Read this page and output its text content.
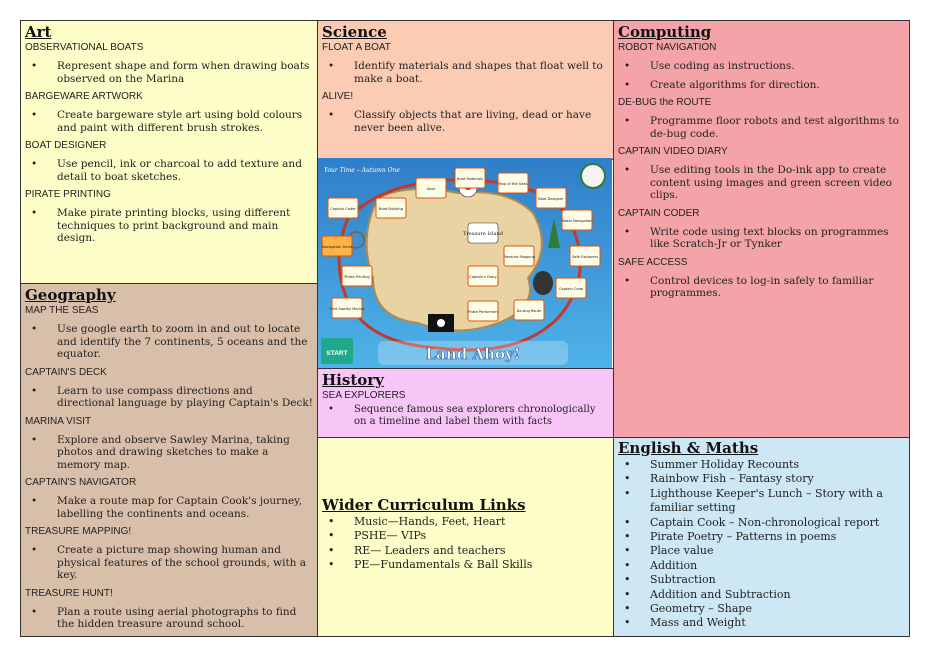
Art

OBSERVATIONAL BOATS

• Represent shape and form when drawing boats observed on the Marina

BARGEWARE ARTWORK

• Create bargeware style art using bold colours and paint with different brush strokes.

BOAT DESIGNER

• Use pencil, ink or charcoal to add texture and detail to boat sketches.

PIRATE PRINTING

• Make pirate printing blocks, using different techniques to print background and main design.

Science

FLOAT A BOAT

• Identify materials and shapes that float well to make a boat.

ALIVE!

• Classify objects that are living, dead or have never been alive.

Computing

ROBOT NAVIGATION

• Use coding as instructions.

• Create algorithms for direction.

DE-BUG the ROUTE

• Programme floor robots and test algorithms to de-bug code.

CAPTAIN VIDEO DIARY

• Use editing tools in the Do-ink app to create content using images and green screen video clips.

CAPTAIN CODER

• Write code using text blocks on programmes like Scratch-Jr or Tynker

SAFE ACCESS

• Control devices to log-in safely to familiar programmes.

Geography

MAP THE SEAS

• Use google earth to zoom in and out to locate and identify the 7 continents, 5 oceans and the equator.

CAPTAIN'S DECK

• Learn to use compass directions and directional language by playing Captain's Deck!

MARINA VISIT

• Explore and observe Sawley Marina, taking photos and drawing sketches to make a memory map.

CAPTAIN'S NAVIGATOR

• Make a route map for Captain Cook's journey, labelling the continents and oceans.

TREASURE MAPPING!

• Create a picture map showing human and physical features of the school grounds, with a key.

TREASURE HUNT!

• Plan a route using aerial photographs to find the hidden treasure around school.

Your Time – Autumn One
Treasure Island
Alive
Boat Materials
Map of the Seas
Boat Designer
Robot Navigation
Safe Explorers
Captain Code
De-bug Route
Pirate Performers
Captain's Diary
Treasure Mapping
Boat Building
Captain Coder
Navigation Artist
Pirate Printing
Visit Sawley Marina
START	Land Ahoy!
History

SEA EXPLORERS

• Sequence famous sea explorers chronologically on a timeline and label them with facts

Wider Curriculum Links

• Music—Hands, Feet, Heart

• PSHE— VIPs

• RE— Leaders and teachers

• PE—Fundamentals & Ball Skills

English & Maths

• Summer Holiday Recounts

• Rainbow Fish – Fantasy story

• Lighthouse Keeper's Lunch – Story with a familiar setting

• Captain Cook – Non-chronological report

• Pirate Poetry – Patterns in poems

• Place value

• Addition

• Subtraction

• Addition and Subtraction

• Geometry – Shape

• Mass and Weight
